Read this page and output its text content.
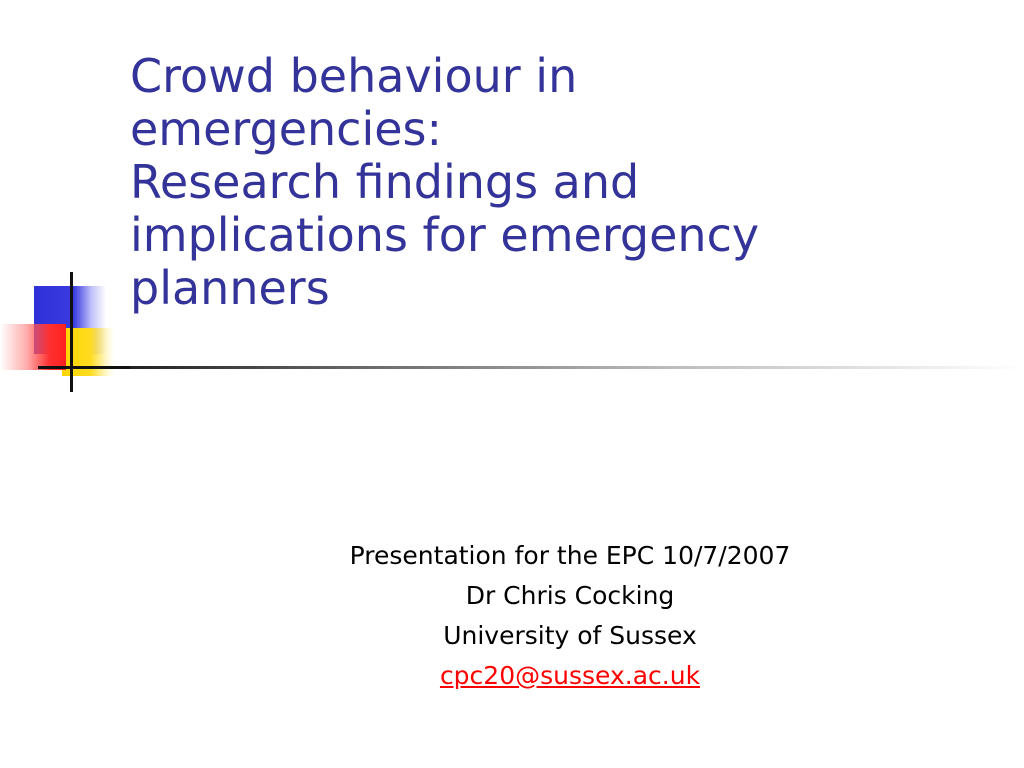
Crowd behaviour in
emergencies:
Research findings and
implications for emergency
planners
Presentation for the EPC 10/7/2007
Dr Chris Cocking
University of Sussex
cpc20@sussex.ac.uk
